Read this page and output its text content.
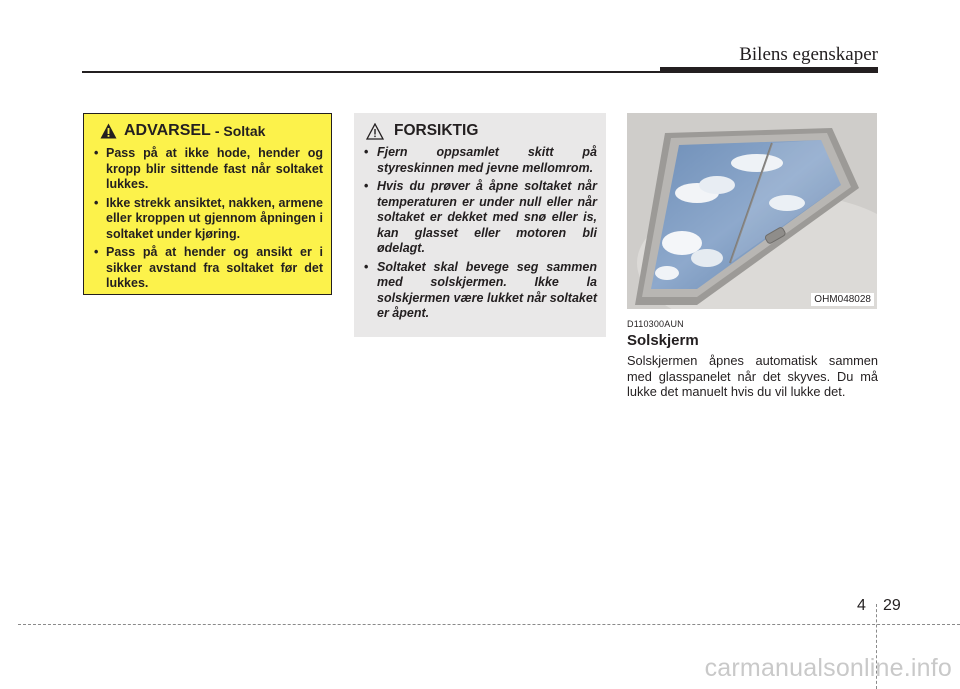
Bilens egenskaper
ADVARSEL - Soltak
• Pass på at ikke hode, hender og kropp blir sittende fast når soltaket lukkes.
• Ikke strekk ansiktet, nakken, armene eller kroppen ut gjennom åpningen i soltaket under kjøring.
• Pass på at hender og ansikt er i sikker avstand fra soltaket før det lukkes.
FORSIKTIG
• Fjern oppsamlet skitt på styreskinnen med jevne mellomrom.
• Hvis du prøver å åpne soltaket når temperaturen er under null eller når soltaket er dekket med snø eller is, kan glasset eller motoren bli ødelagt.
• Soltaket skal bevege seg sammen med solskjermen. Ikke la solskjermen være lukket når soltaket er åpent.
OHM048028
D110300AUN
Solskjerm
Solskjermen åpnes automatisk sammen med glasspanelet når det skyves. Du må lukke det manuelt hvis du vil lukke det.
4 29
carmanualsonline.info
